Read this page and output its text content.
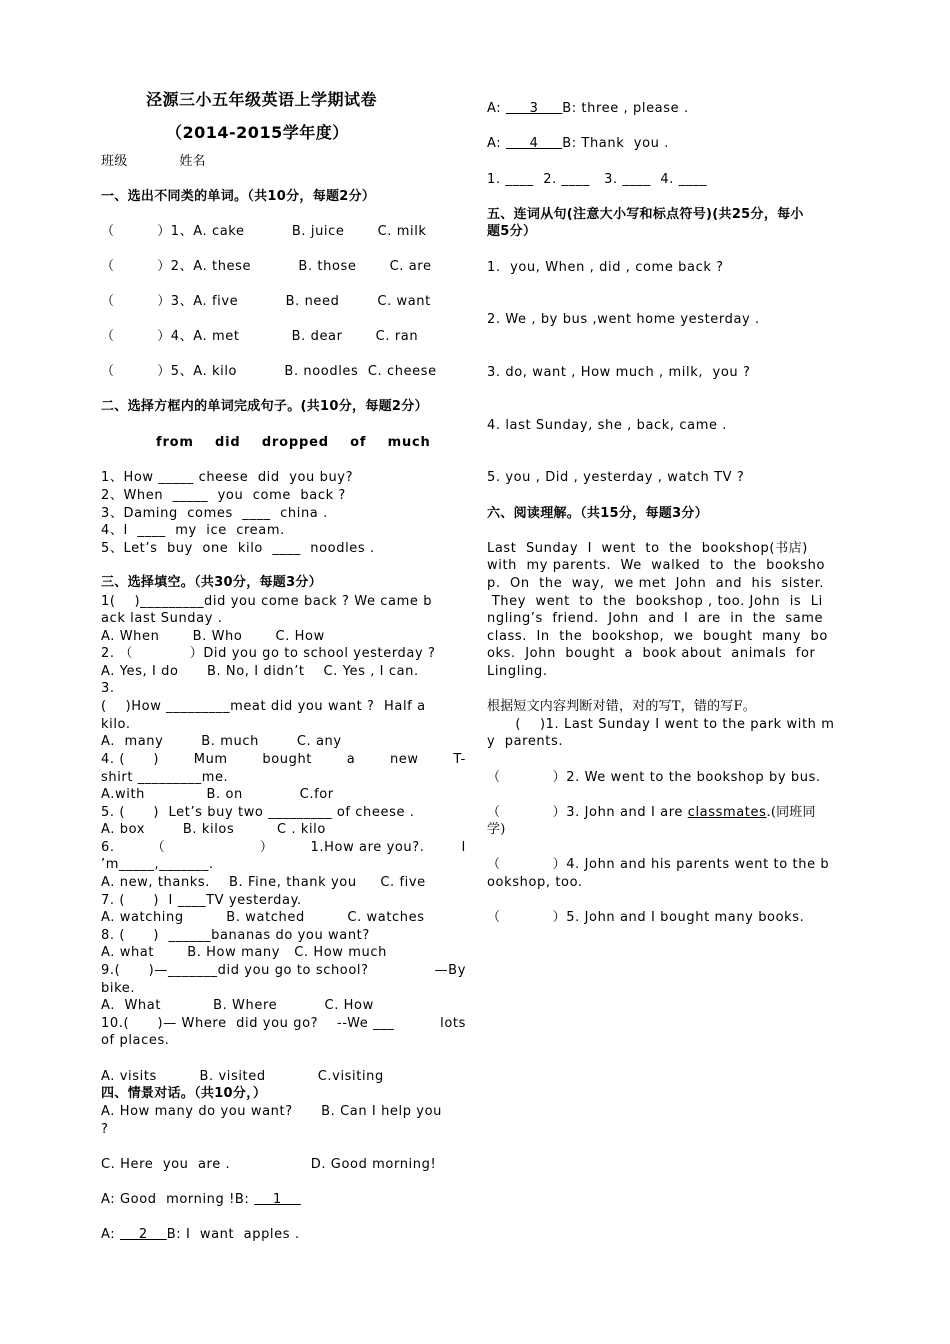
泾源三小五年级英语上学期试卷
（2014-2015学年度）
班级            姓名
一、选出不同类的单词。（共10分，每题2分）
（         ）1、A. cake          B. juice       C. milk
（         ）2、A. these          B. those       C. are
（         ）3、A. five          B. need        C. want
（         ）4、A. met           B. dear       C. ran
（         ）5、A. kilo          B. noodles  C. cheese
二、选择方框内的单词完成句子。(共10分，每题2分）
from    did    dropped    of    much
1、How _____ cheese  did  you buy?
2、When  _____  you  come  back ?
3、Daming  comes  ____  china .
4、I  ____  my  ice  cream.
5、Let’s  buy  one  kilo  ____  noodles .
三、选择填空。（共30分，每题3分）
1(    )_________did you come back ? We came b
ack last Sunday .
A. When       B. Who       C. How
2. （            ）Did you go to school yesterday ?
A. Yes, I do      B. No, I didn’t    C. Yes , I can.
3.
(    )How _________meat did you want ?  Half a
kilo.
A.  many        B. much        C. any
4. (      )	Mum	bought	a	new	T-
shirt _________me.
A.with             B. on            C.for
5. (      )  Let’s buy two _________ of cheese .
A. box        B. kilos         C . kilo
6.	（                    ）	1.How are you?.	I
’m_____,_______.
A. new, thanks.    B. Fine, thank you     C. five
7. (      )  I ____TV yesterday.
A. watching         B. watched         C. watches
8. (      )  ______bananas do you want?
A. what       B. How many   C. How much
9.(      )—_______did you go to school?	—By
bike.
A.  What           B. Where          C. How
10.(      )— Where  did you go?    --We ___	lots
of places.
A. visits         B. visited           C.visiting
四、情景对话。（共10分，）
A. How many do you want?      B. Can I help you
?
C. Here  you  are .                 D. Good morning!
A: Good  morning !B:     1
A:     2    B: I  want  apples .
A:      3     B: three , please .
A:      4     B: Thank  you .
1. ____  2. ____   3. ____  4. ____
五、连词从句(注意大小写和标点符号)(共25分，每小
题5分）
1.  you, When , did , come back ?
2. We , by bus ,went home yesterday .
3. do, want , How much , milk,  you ?
4. last Sunday, she , back, came .
5. you , Did , yesterday , watch TV ?
六、阅读理解。（共15分，每题3分）
Last  Sunday  I  went  to  the  bookshop(书店)
with  my parents.  We  walked  to  the  booksho
p.  On  the  way,  we met  John  and  his  sister.
They  went  to  the  bookshop , too. John  is  Li
ngling’s  friend.  John  and  I  are  in  the  same
class.  In  the  bookshop,  we  bought  many  bo
oks.  John  bought  a  book about  animals  for
Lingling.
根据短文内容判断对错，对的写T，错的写F。
(    )1. Last Sunday I went to the park with m
y  parents.
（           ）2. We went to the bookshop by bus.
（           ）3. John and I are classmates.(同班同
学)
（           ）4. John and his parents went to the b
ookshop, too.
（           ）5. John and I bought many books.
